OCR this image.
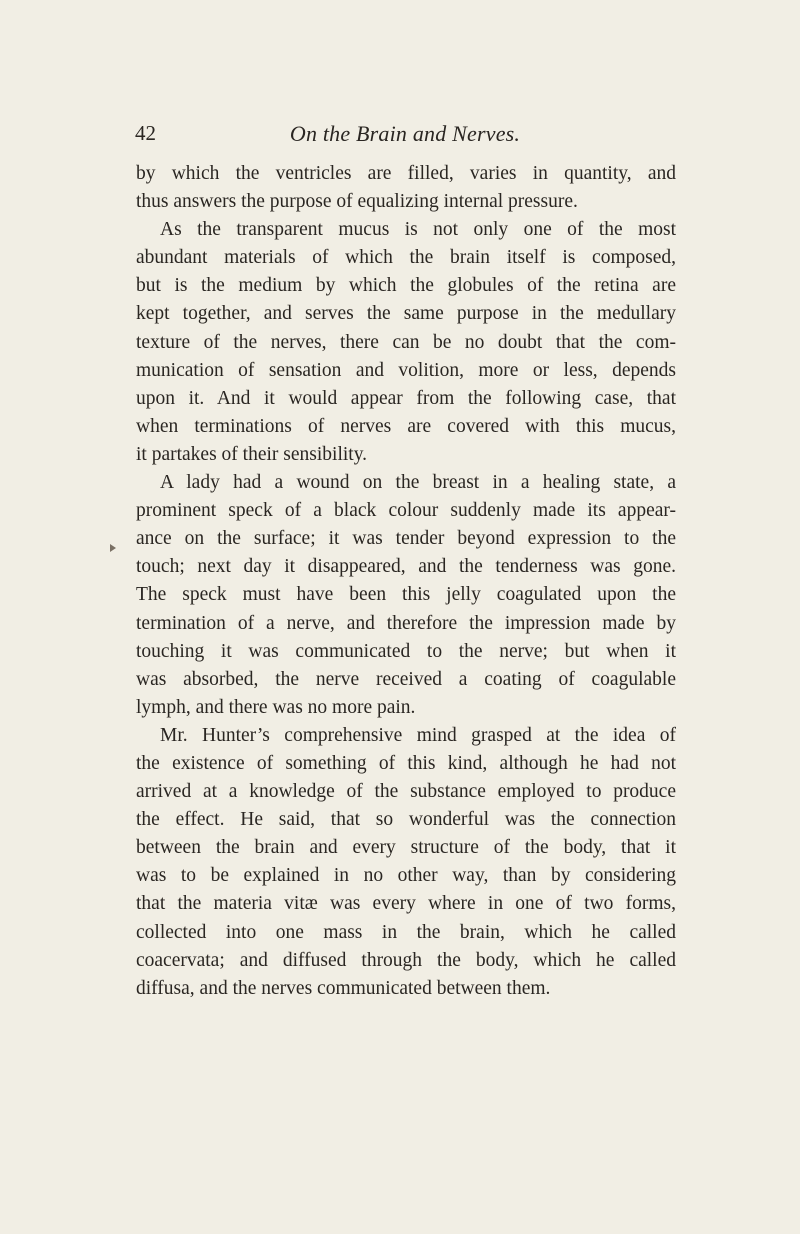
42	On the Brain and Nerves.
by which the ventricles are filled, varies in quantity, and
thus answers the purpose of equalizing internal pressure.
As the transparent mucus is not only one of the most
abundant materials of which the brain itself is composed,
but is the medium by which the globules of the retina are
kept together, and serves the same purpose in the medullary
texture of the nerves, there can be no doubt that the com-
munication of sensation and volition, more or less, depends
upon it. And it would appear from the following case, that
when terminations of nerves are covered with this mucus,
it partakes of their sensibility.
A lady had a wound on the breast in a healing state, a
prominent speck of a black colour suddenly made its appear-
ance on the surface; it was tender beyond expression to the
touch; next day it disappeared, and the tenderness was gone.
The speck must have been this jelly coagulated upon the
termination of a nerve, and therefore the impression made by
touching it was communicated to the nerve; but when it
was absorbed, the nerve received a coating of coagulable
lymph, and there was no more pain.
Mr. Hunter’s comprehensive mind grasped at the idea of
the existence of something of this kind, although he had not
arrived at a knowledge of the substance employed to produce
the effect. He said, that so wonderful was the connection
between the brain and every structure of the body, that it
was to be explained in no other way, than by considering
that the materia vitæ was every where in one of two forms,
collected into one mass in the brain, which he called
coacervata; and diffused through the body, which he called
diffusa, and the nerves communicated between them.
